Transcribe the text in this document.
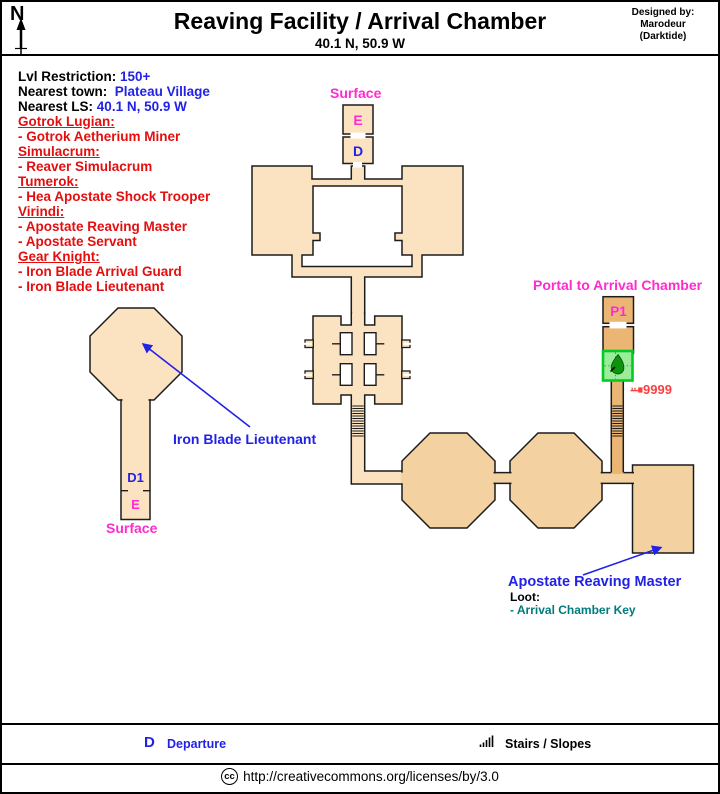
N	Reaving Facility / Arrival Chamber
40.1 N, 50.9 W
Designed by:
Marodeur
(Darktide)
Lvl Restriction: 150+
Nearest town: Plateau Village
Nearest LS: 40.1 N, 50.9 W
Gotrok Lugian:
- Gotrok Aetherium Miner
Simulacrum:
- Reaver Simulacrum
Tumerok:
- Hea Apostate Shock Trooper
Virindi:
- Apostate Reaving Master
- Apostate Servant
Gear Knight:
- Iron Blade Arrival Guard
- Iron Blade Lieutenant
Surface
E
D
Portal to Arrival Chamber
P1
9999
Iron Blade Lieutenant
D1
E
Surface
Apostate Reaving Master
Loot:
- Arrival Chamber Key
D Departure	Stairs / Slopes
cc http://creativecommons.org/licenses/by/3.0
